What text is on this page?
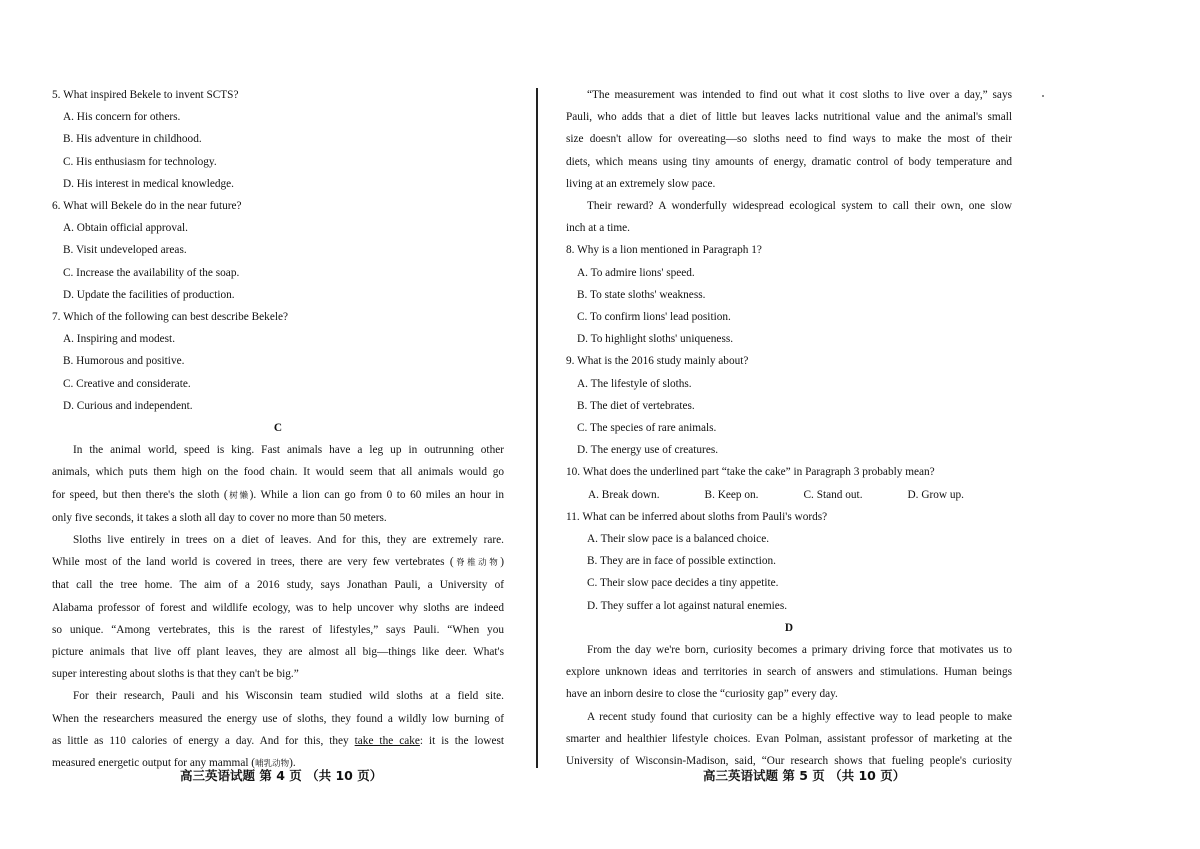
5. What inspired Bekele to invent SCTS?

A. His concern for others.

B. His adventure in childhood.

C. His enthusiasm for technology.

D. His interest in medical knowledge.

6. What will Bekele do in the near future?

A. Obtain official approval.

B. Visit undeveloped areas.

C. Increase the availability of the soap.

D. Update the facilities of production.

7. Which of the following can best describe Bekele?

A. Inspiring and modest.

B. Humorous and positive.

C. Creative and considerate.

D. Curious and independent.

C

In the animal world, speed is king. Fast animals have a leg up in outrunning other

animals, which puts them high on the food chain. It would seem that all animals would go

for speed, but then there's the sloth (树懒). While a lion can go from 0 to 60 miles an hour in

only five seconds, it takes a sloth all day to cover no more than 50 meters.

Sloths live entirely in trees on a diet of leaves. And for this, they are extremely rare.

While most of the land world is covered in trees, there are very few vertebrates (脊椎动物)

that call the tree home. The aim of a 2016 study, says Jonathan Pauli, a University of

Alabama professor of forest and wildlife ecology, was to help uncover why sloths are indeed

so unique. “Among vertebrates, this is the rarest of lifestyles,” says Pauli. “When you

picture animals that live off plant leaves, they are almost all big—things like deer. What's

super interesting about sloths is that they can't be big.”

For their research, Pauli and his Wisconsin team studied wild sloths at a field site.

When the researchers measured the energy use of sloths, they found a wildly low burning of

as little as 110 calories of energy a day. And for this, they take the cake: it is the lowest

measured energetic output for any mammal (哺乳动物).

“The measurement was intended to find out what it cost sloths to live over a day,” says

Pauli, who adds that a diet of little but leaves lacks nutritional value and the animal's small

size doesn't allow for overeating—so sloths need to find ways to make the most of their

diets, which means using tiny amounts of energy, dramatic control of body temperature and

living at an extremely slow pace.

Their reward? A wonderfully widespread ecological system to call their own, one slow

inch at a time.

8. Why is a lion mentioned in Paragraph 1?

A. To admire lions' speed.

B. To state sloths' weakness.

C. To confirm lions' lead position.

D. To highlight sloths' uniqueness.

9. What is the 2016 study mainly about?

A. The lifestyle of sloths.

B. The diet of vertebrates.

C. The species of rare animals.

D. The energy use of creatures.

10. What does the underlined part “take the cake” in Paragraph 3 probably mean?

A. Break down.	B. Keep on.	C. Stand out.	D. Grow up.

11. What can be inferred about sloths from Pauli's words?

A. Their slow pace is a balanced choice.

B. They are in face of possible extinction.

C. Their slow pace decides a tiny appetite.

D. They suffer a lot against natural enemies.

D

From the day we're born, curiosity becomes a primary driving force that motivates us to

explore unknown ideas and territories in search of answers and stimulations. Human beings

have an inborn desire to close the “curiosity gap” every day.

A recent study found that curiosity can be a highly effective way to lead people to make

smarter and healthier lifestyle choices. Evan Polman, assistant professor of marketing at the

University of Wisconsin-Madison, said, “Our research shows that fueling people's curiosity

高三英语试题 第 4 页 （共 10 页）	高三英语试题 第 5 页 （共 10 页）
